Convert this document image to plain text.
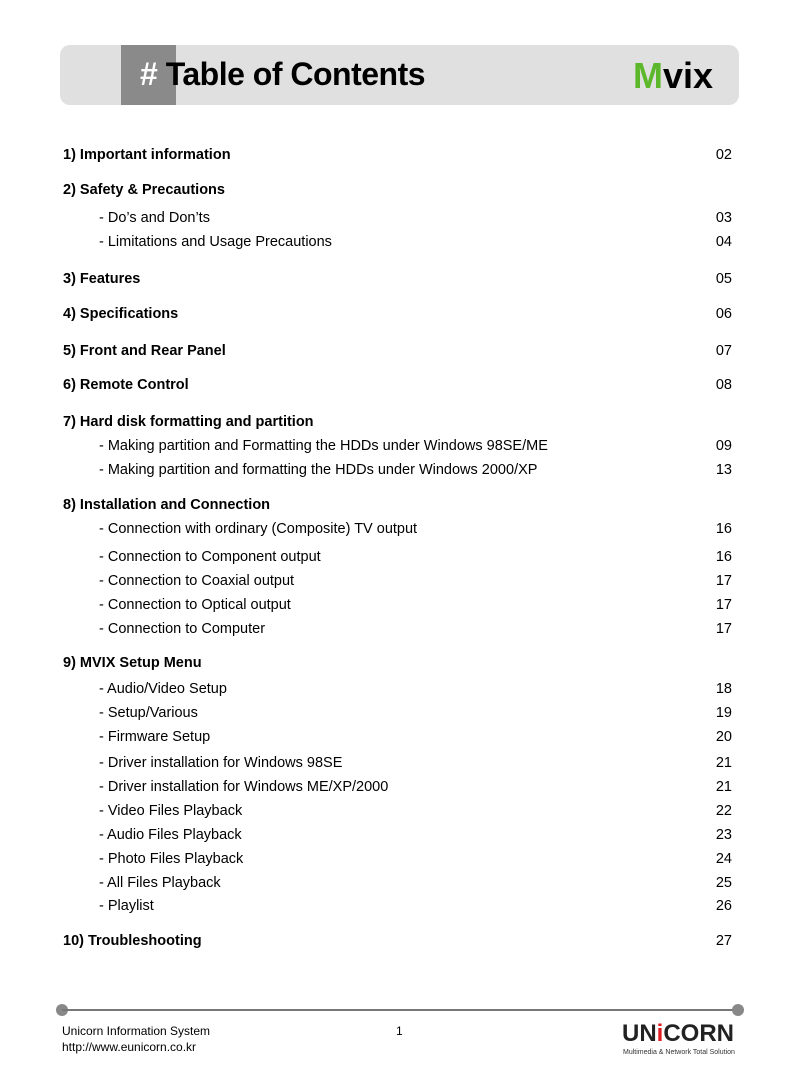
# Table of Contents	M vix
1) Important information	02
2) Safety & Precautions
- Do’s and Don’ts	03
- Limitations and Usage Precautions	04
3) Features	05
4) Specifications	06
5) Front and Rear Panel	07
6) Remote Control	08
7) Hard disk formatting and partition
- Making partition and Formatting the HDDs under Windows 98SE/ME	09
- Making partition and formatting the HDDs under Windows 2000/XP	13
8) Installation and Connection
- Connection with ordinary (Composite) TV output	16
- Connection to Component output	16
- Connection to Coaxial output	17
- Connection to Optical output	17
- Connection to Computer	17
9) MVIX Setup Menu
- Audio/Video Setup	18
- Setup/Various	19
- Firmware Setup	20
- Driver installation for Windows 98SE	21
- Driver installation for Windows ME/XP/2000	21
- Video Files Playback	22
- Audio Files Playback	23
- Photo Files Playback	24
- All Files Playback	25
- Playlist	26
10) Troubleshooting	27
Unicorn Information System
http://www.eunicorn.co.kr
1	UN i CORN
Multimedia & Network Total Solution
